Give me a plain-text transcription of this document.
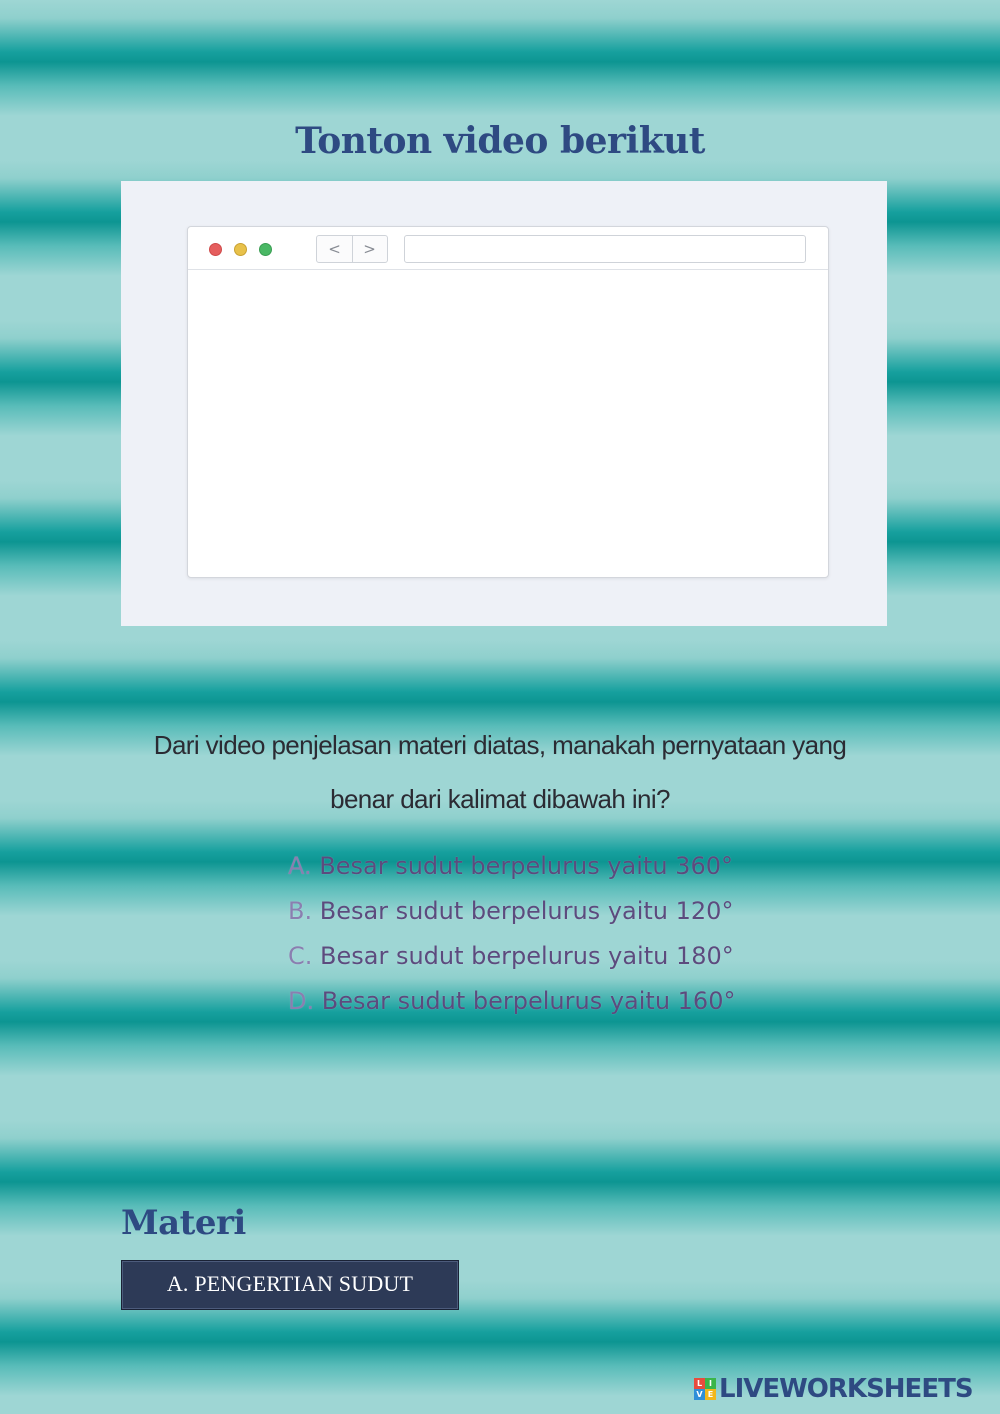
Tonton video berikut
<	>
Dari video penjelasan materi diatas, manakah pernyataan yang
benar dari kalimat dibawah ini?
A. Besar sudut berpelurus yaitu 360°
B. Besar sudut berpelurus yaitu 120°
C. Besar sudut berpelurus yaitu 180°
D. Besar sudut berpelurus yaitu 160°
Materi
A. PENGERTIAN SUDUT
L I
V E LIVEWORKSHEETS
